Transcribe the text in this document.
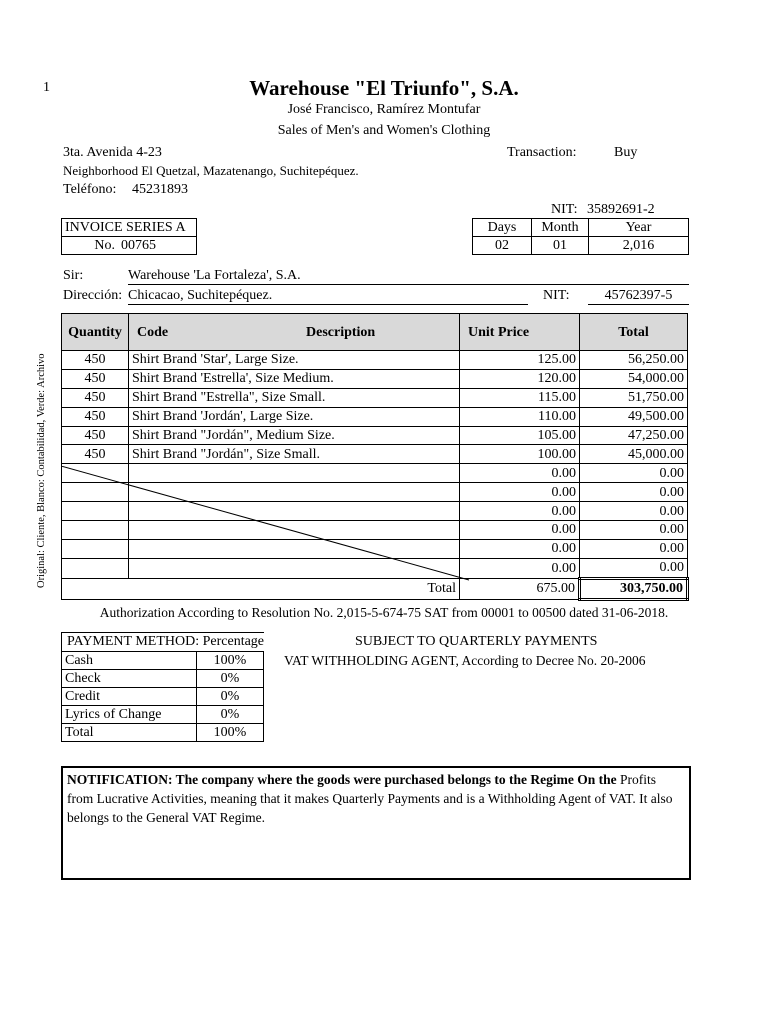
1	Warehouse "El Triunfo", S.A.
José Francisco, Ramírez Montufar
Sales of Men's and Women's Clothing
3ta. Avenida 4-23
Neighborhood El Quetzal, Mazatenango, Suchitepéquez.
Teléfono: 45231893
Transaction:	Buy
NIT: 35892691-2
INVOICE SERIES A
No.	00765
Days	Month	Year
02	01	2,016
Sir:	Warehouse 'La Fortaleza', S.A.
Dirección: Chicacao, Suchitepéquez.	NIT:	45762397-5
Original: Cliente, Blanco: Contabilidad, Verde: Archivo
Quantity	Code	Description	Unit Price	Total
450	Shirt Brand 'Star', Large Size.		125.00	56,250.00
450	Shirt Brand 'Estrella', Size Medium.		120.00	54,000.00
450	Shirt Brand "Estrella", Size Small.		115.00	51,750.00
450	Shirt Brand 'Jordán', Large Size.		110.00	49,500.00
450	Shirt Brand "Jordán", Medium Size.		105.00	47,250.00
450	Shirt Brand "Jordán", Size Small.		100.00	45,000.00
			0.00	0.00
			0.00	0.00
			0.00	0.00
			0.00	0.00
			0.00	0.00
			0.00	0.00
Total			675.00	303,750.00
Authorization According to Resolution No. 2,015-5-674-75 SAT from 00001 to 00500 dated 31-06-2018.
PAYMENT METHOD: Percentage

Cash	100%
Check	0%
Credit	0%
Lyrics of Change	0%
Total	100%
SUBJECT TO QUARTERLY PAYMENTS
VAT WITHHOLDING AGENT, According to Decree No. 20-2006
NOTIFICATION: The company where the goods were purchased belongs to the Regime On the Profits from Lucrative Activities, meaning that it makes Quarterly Payments and is a Withholding Agent of VAT. It also belongs to the General VAT Regime.
